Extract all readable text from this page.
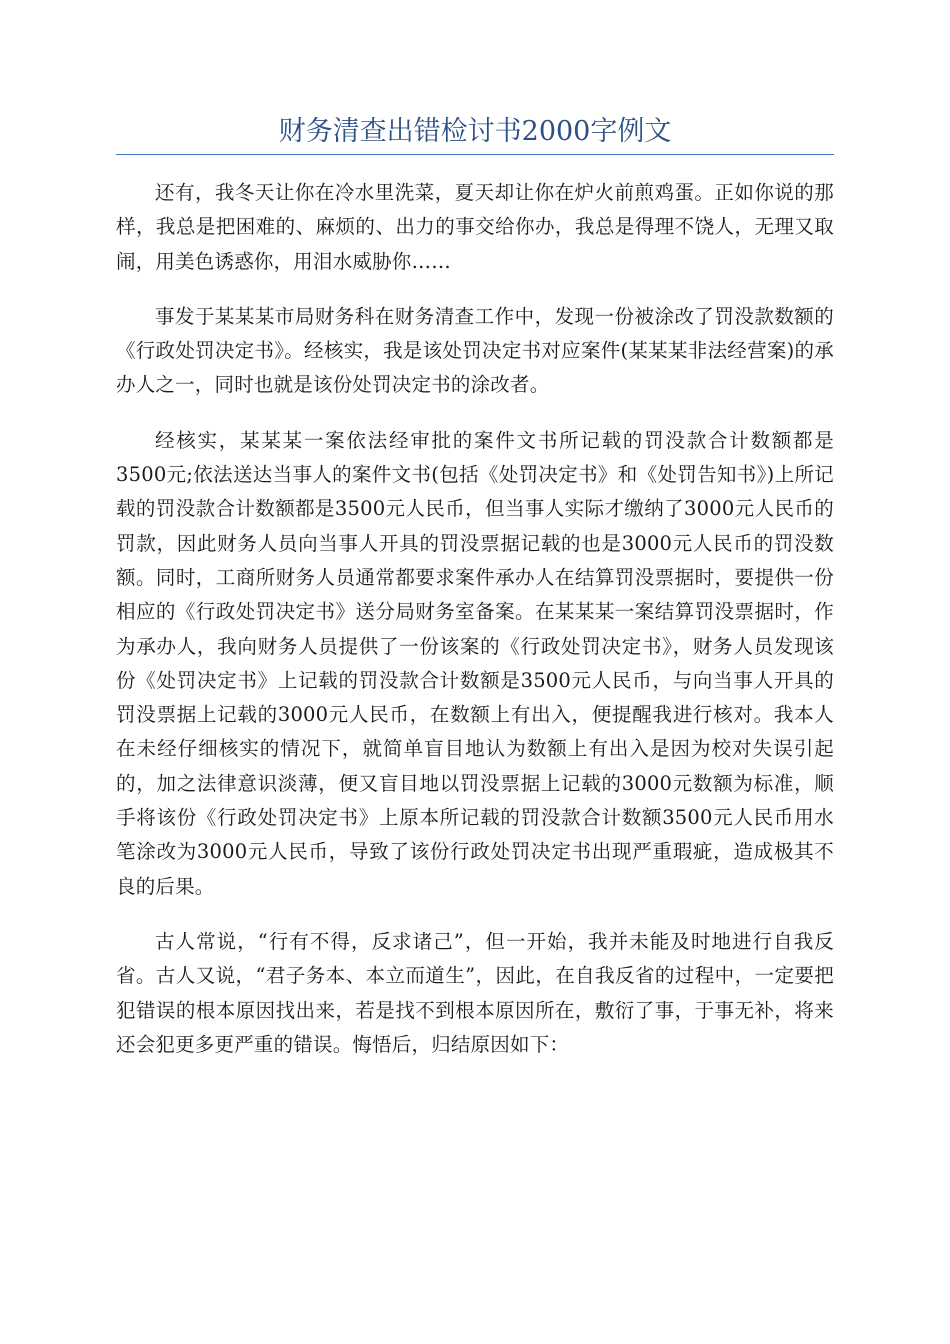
财务清查出错检讨书2000字例文

还有，我冬天让你在冷水里洗菜，夏天却让你在炉火前煎鸡蛋。正如你说的那样，我总是把困难的、麻烦的、出力的事交给你办，我总是得理不饶人，无理又取闹，用美色诱惑你，用泪水威胁你……

事发于某某某市局财务科在财务清查工作中，发现一份被涂改了罚没款数额的《行政处罚决定书》。经核实，我是该处罚决定书对应案件(某某某非法经营案)的承办人之一，同时也就是该份处罚决定书的涂改者。

经核实，某某某一案依法经审批的案件文书所记载的罚没款合计数额都是3500元;依法送达当事人的案件文书(包括《处罚决定书》和《处罚告知书》)上所记载的罚没款合计数额都是3500元人民币，但当事人实际才缴纳了3000元人民币的罚款，因此财务人员向当事人开具的罚没票据记载的也是3000元人民币的罚没数额。同时，工商所财务人员通常都要求案件承办人在结算罚没票据时，要提供一份相应的《行政处罚决定书》送分局财务室备案。在某某某一案结算罚没票据时，作为承办人，我向财务人员提供了一份该案的《行政处罚决定书》，财务人员发现该份《处罚决定书》上记载的罚没款合计数额是3500元人民币，与向当事人开具的罚没票据上记载的3000元人民币，在数额上有出入，便提醒我进行核对。我本人在未经仔细核实的情况下，就简单盲目地认为数额上有出入是因为校对失误引起的，加之法律意识淡薄，便又盲目地以罚没票据上记载的3000元数额为标准，顺手将该份《行政处罚决定书》上原本所记载的罚没款合计数额3500元人民币用水笔涂改为3000元人民币，导致了该份行政处罚决定书出现严重瑕疵，造成极其不良的后果。

古人常说，“行有不得，反求诸己”，但一开始，我并未能及时地进行自我反省。古人又说，“君子务本、本立而道生”，因此，在自我反省的过程中，一定要把犯错误的根本原因找出来，若是找不到根本原因所在，敷衍了事，于事无补，将来还会犯更多更严重的错误。悔悟后，归结原因如下：
